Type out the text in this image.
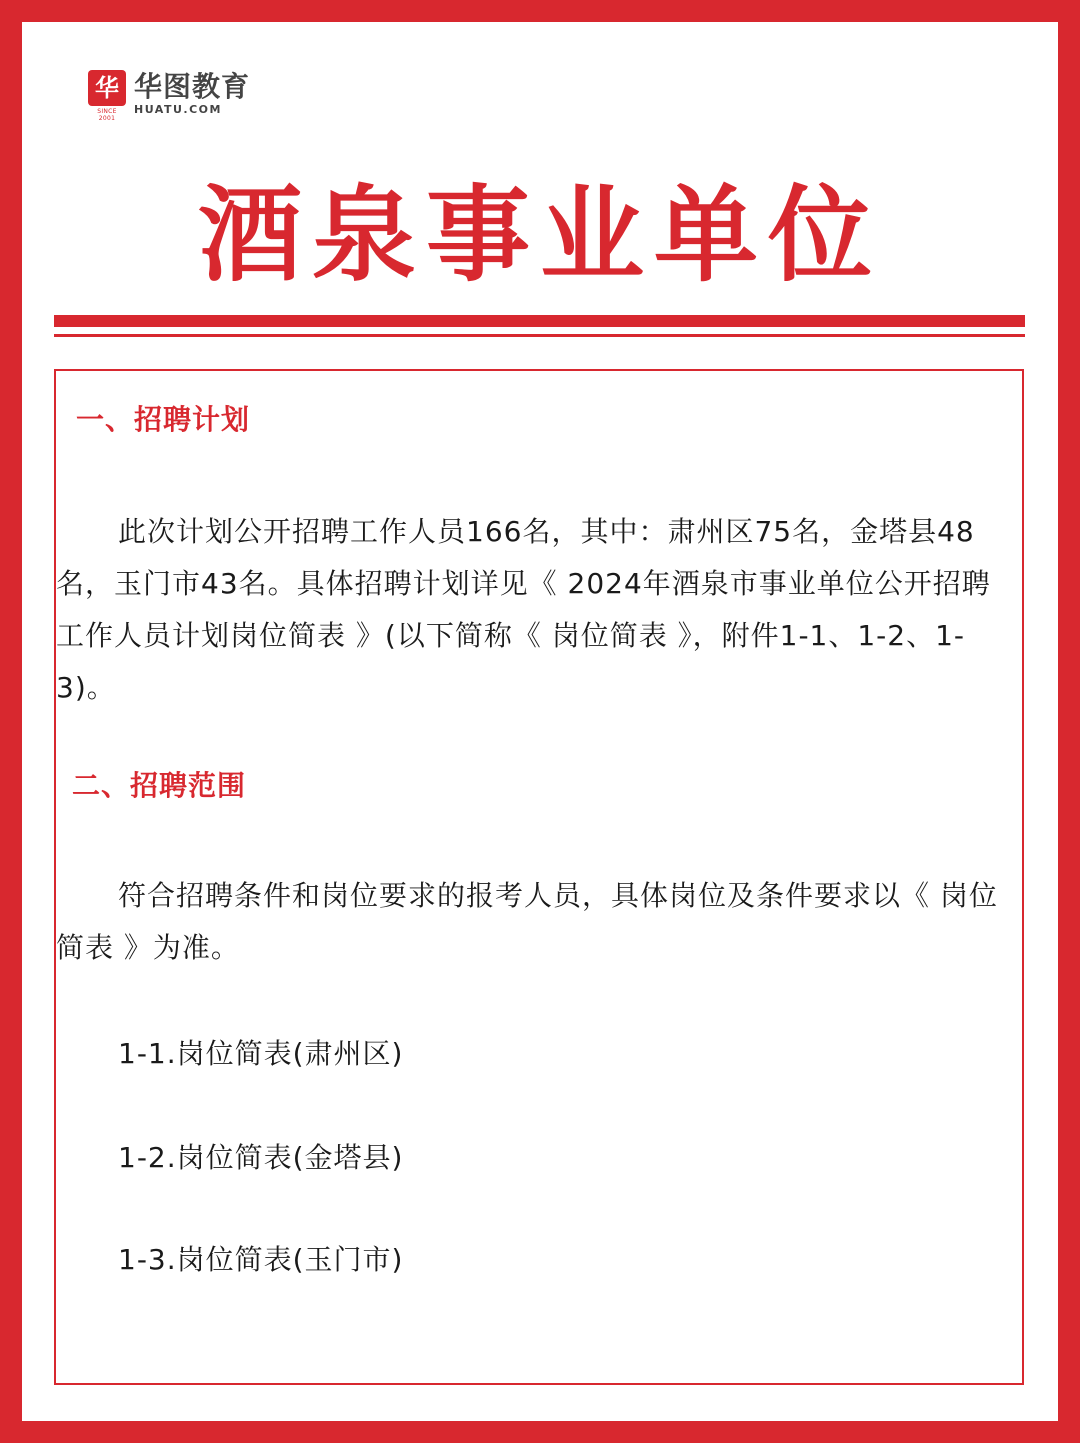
华
SINCE 2001
华图教育
HUATU.COM
酒泉事业单位
一、招聘计划

此次计划公开招聘工作人员166名，其中：肃州区75名，金塔县48名，玉门市43名。具体招聘计划详见《 2024年酒泉市事业单位公开招聘工作人员计划岗位简表 》(以下简称《 岗位简表 》，附件1-1、1-2、1-3)。

二、招聘范围

符合招聘条件和岗位要求的报考人员，具体岗位及条件要求以《 岗位简表 》为准。

1-1.岗位简表(肃州区)
1-2.岗位简表(金塔县)
1-3.岗位简表(玉门市)
